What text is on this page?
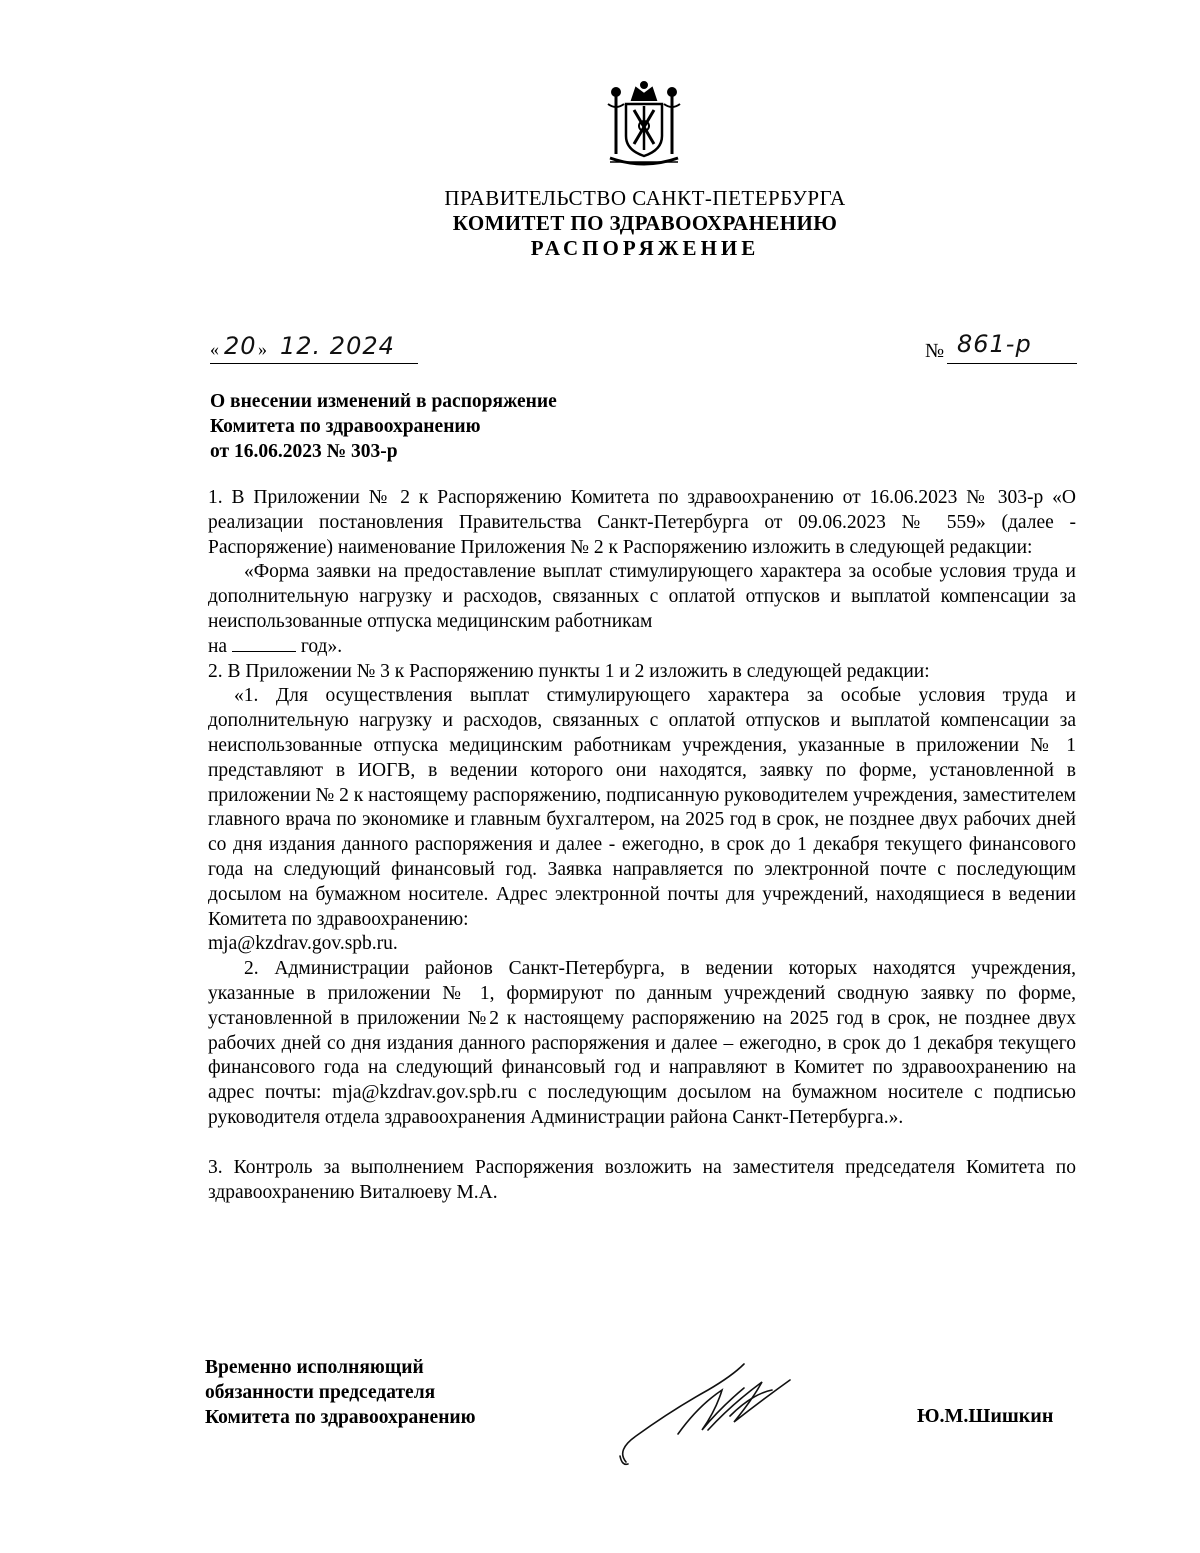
ПРАВИТЕЛЬСТВО САНКТ-ПЕТЕРБУРГА
КОМИТЕТ ПО ЗДРАВООХРАНЕНИЮ
РАСПОРЯЖЕНИЕ
« 20 » 12. 2024	№ 861-р
О внесении изменений в распоряжение
Комитета по здравоохранению
от 16.06.2023 № 303-р

1. В Приложении № 2 к Распоряжению Комитета по здравоохранению от 16.06.2023 № 303-р «О реализации постановления Правительства Санкт-Петербурга от 09.06.2023 № 559» (далее - Распоряжение) наименование Приложения № 2 к Распоряжению изложить в следующей редакции:

«Форма заявки на предоставление выплат стимулирующего характера за особые условия труда и дополнительную нагрузку и расходов, связанных с оплатой отпусков и выплатой компенсации за неиспользованные отпуска медицинским работникам

на	год».

2. В Приложении № 3 к Распоряжению пункты 1 и 2 изложить в следующей редакции:

«1. Для осуществления выплат стимулирующего характера за особые условия труда и дополнительную нагрузку и расходов, связанных с оплатой отпусков и выплатой компенсации за неиспользованные отпуска медицинским работникам учреждения, указанные в приложении № 1 представляют в ИОГВ, в ведении которого они находятся, заявку по форме, установленной в приложении № 2 к настоящему распоряжению, подписанную руководителем учреждения, заместителем главного врача по экономике и главным бухгалтером, на 2025 год в срок, не позднее двух рабочих дней со дня издания данного распоряжения и далее - ежегодно, в срок до 1 декабря текущего финансового года на следующий финансовый год. Заявка направляется по электронной почте с последующим досылом на бумажном носителе. Адрес электронной почты для учреждений, находящиеся в ведении Комитета по здравоохранению:

mja@kzdrav.gov.spb.ru.

2. Администрации районов Санкт-Петербурга, в ведении которых находятся учреждения, указанные в приложении № 1, формируют по данным учреждений сводную заявку по форме, установленной в приложении №2 к настоящему распоряжению на 2025 год в срок, не позднее двух рабочих дней со дня издания данного распоряжения и далее – ежегодно, в срок до 1 декабря текущего финансового года на следующий финансовый год и направляют в Комитет по здравоохранению на адрес почты: mja@kzdrav.gov.spb.ru с последующим досылом на бумажном носителе с подписью руководителя отдела здравоохранения Администрации района Санкт-Петербурга.».

3. Контроль за выполнением Распоряжения возложить на заместителя председателя Комитета по здравоохранению Виталюеву М.А.

Временно исполняющий
обязанности председателя
Комитета по здравоохранению	Ю.М.Шишкин
